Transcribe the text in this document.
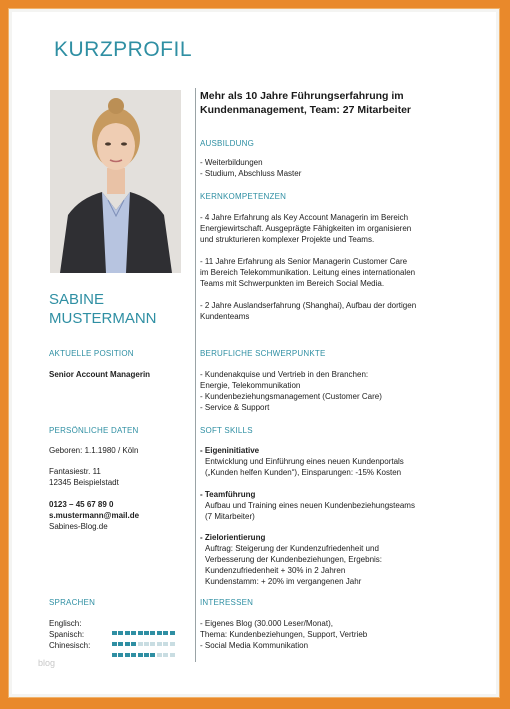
KURZPROFIL
SABINE
MUSTERMANN
AKTUELLE POSITION
Senior Account Managerin
PERSÖNLICHE DATEN
Geboren: 1.1.1980 / Köln
Fantasiestr. 11
12345 Beispielstadt
0123 – 45 67 89 0
s.mustermann@mail.de
Sabines-Blog.de
SPRACHEN
Englisch:
Spanisch:
Chinesisch:
Mehr als 10 Jahre Führungserfahrung im
Kundenmanagement, Team: 27 Mitarbeiter
AUSBILDUNG
- Weiterbildungen
- Studium, Abschluss Master
KERNKOMPETENZEN
- 4 Jahre Erfahrung als Key Account Managerin im Bereich
Energiewirtschaft. Ausgeprägte Fähigkeiten im organisieren
und strukturieren komplexer Projekte und Teams.
- 11 Jahre Erfahrung als Senior Managerin Customer Care
im Bereich Telekommunikation. Leitung eines internationalen
Teams mit Schwerpunkten im Bereich Social Media.
- 2 Jahre Auslandserfahrung (Shanghai), Aufbau der dortigen
Kundenteams
BERUFLICHE SCHWERPUNKTE
- Kundenakquise und Vertrieb in den Branchen:
Energie, Telekommunikation
- Kundenbeziehungsmanagement (Customer Care)
- Service & Support
SOFT SKILLS
- Eigeninitiative
Entwicklung und Einführung eines neuen Kundenportals
(„Kunden helfen Kunden“), Einsparungen: -15% Kosten
- Teamführung
Aufbau und Training eines neuen Kundenbeziehungsteams
(7 Mitarbeiter)
- Zielorientierung
Auftrag: Steigerung der Kundenzufriedenheit und
Verbesserung der Kundenbeziehungen, Ergebnis:
Kundenzufriedenheit + 30% in 2 Jahren
Kundenstamm: + 20% im vergangenen Jahr
INTERESSEN
- Eigenes Blog (30.000 Leser/Monat),
Thema: Kundenbeziehungen, Support, Vertrieb
- Social Media Kommunikation
blog
